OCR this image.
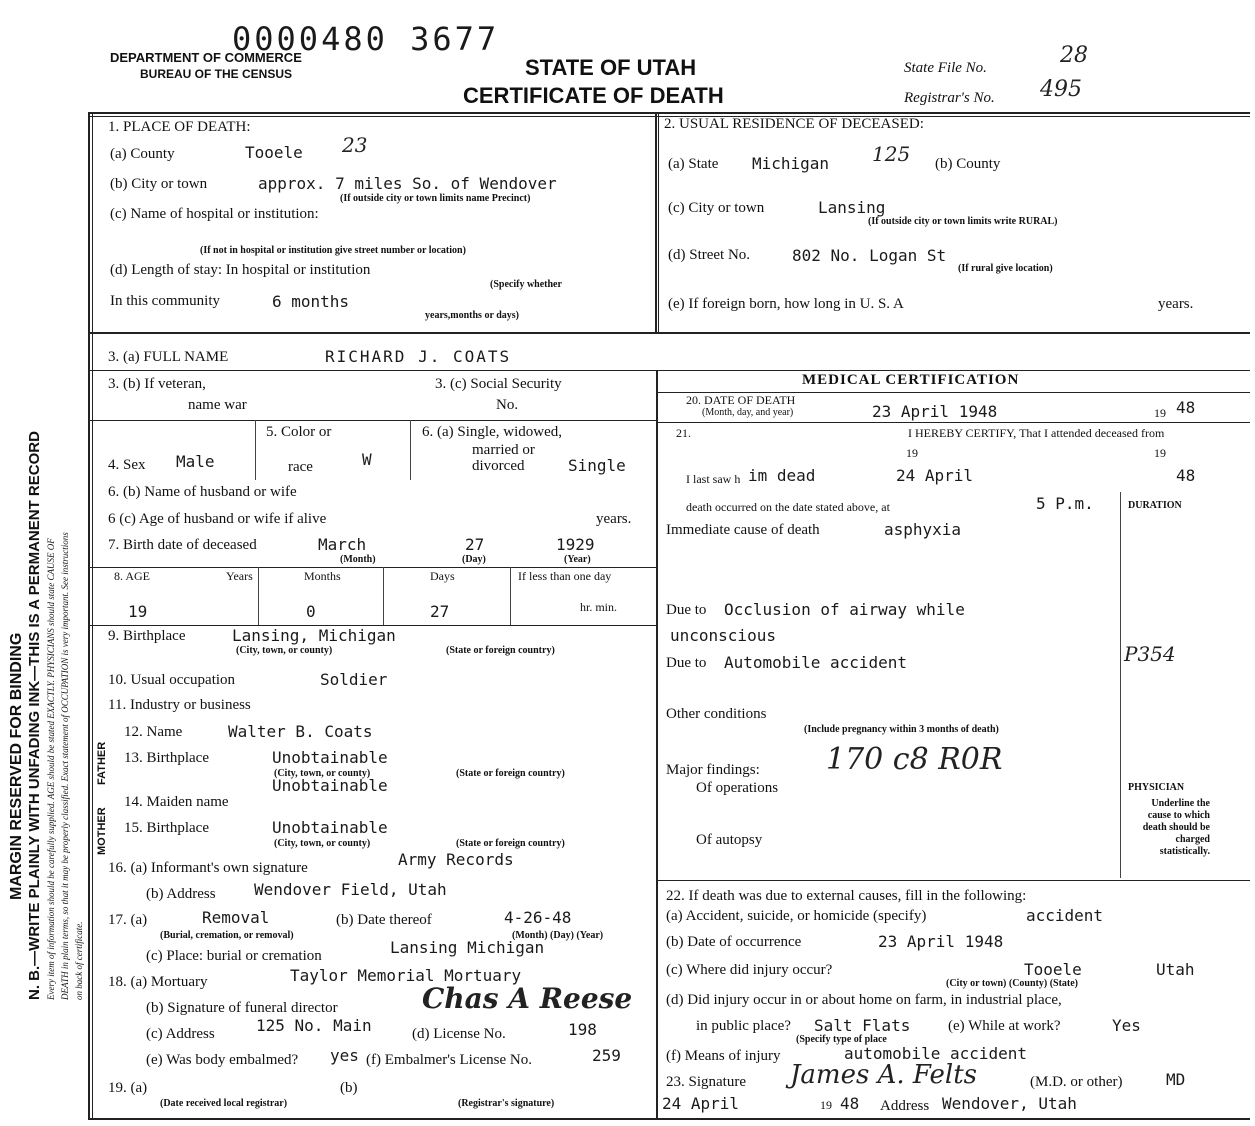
0000480 3677
DEPARTMENT OF COMMERCE
BUREAU OF THE CENSUS	STATE OF UTAH
CERTIFICATE OF DEATH
State File No.	28
Registrar's No. 495
MARGIN RESERVED FOR BINDING N. B.—WRITE PLAINLY WITH UNFADING INK—THIS IS A PERMANENT RECORD Every item of information should be carefully supplied. AGE should be stated EXACTLY. PHYSICIANS should state CAUSE OF DEATH in plain terms, so that it may be properly classified. Exact statement of OCCUPATION is very important. See instructions on back of certificate.
1. PLACE OF DEATH:
(a) County	Tooele 23
(b) City or town	approx. 7 miles So. of Wendover
(If outside city or town limits name Precinct)
(c) Name of hospital or institution:
(If not in hospital or institution give street number or location)
(d) Length of stay: In hospital or institution
(Specify whether
In this community	6 months
years,months or days)
2. USUAL RESIDENCE OF DECEASED:
(a) State Michigan 125 (b) County
(c) City or town	Lansing
(If outside city or town limits write RURAL)
(d) Street No.	802 No. Logan St
(If rural give location)
(e) If foreign born, how long in U. S. A	years.
3. (a) FULL NAME	RICHARD J. COATS
3. (b) If veteran,
name war
3. (c) Social Security
No.
4. Sex Male
5. Color or
race	W
6. (a) Single, widowed,
married or
divorced	Single
6. (b) Name of husband or wife
6 (c) Age of husband or wife if alive	years.
7. Birth date of deceased	March	27	1929
(Month)	(Day)	(Year)
8. AGE	Years	Months	Days	If less than one day
19	0	27	hr. min.
9. Birthplace	Lansing, Michigan
(City, town, or county)	(State or foreign country)
10. Usual occupation	Soldier
11. Industry or business
FATHER
MOTHER
12. Name	Walter B. Coats
13. Birthplace	Unobtainable
(City, town, or county)	(State or foreign country)
14. Maiden name
Unobtainable
15. Birthplace	Unobtainable
(City, town, or county)	(State or foreign country)
16. (a) Informant's own signature	Army Records
(b) Address Wendover Field, Utah
17. (a)	Removal
(Burial, cremation, or removal)
(b) Date thereof	4-26-48
(Month) (Day) (Year)
(c) Place: burial or cremation	Lansing Michigan
18. (a) Mortuary	Taylor Memorial Mortuary
(b) Signature of funeral director	Chas A Reese
(c) Address	125 No. Main	(d) License No.	198
(e) Was body embalmed? yes (f) Embalmer's License No.	259
19. (a)	(b)
(Date received local registrar)	(Registrar's signature)
MEDICAL CERTIFICATION
20. DATE OF DEATH
(Month, day, and year)	23 April 1948	19 48
21.	I HEREBY CERTIFY, That I attended deceased from
19	19
I last saw h im dead	24 April	48
death occurred on the date stated above, at	5 P.m.	DURATION
Immediate cause of death	asphyxia
Due to Occlusion of airway while
unconscious
Due to Automobile accident	P354
Other conditions
(Include pregnancy within 3 months of death)
170 c8 R0R
Major findings:
Of operations
Of autopsy
PHYSICIAN
Underline the cause to which death should be charged statistically.
22. If death was due to external causes, fill in the following:
(a) Accident, suicide, or homicide (specify)	accident
(b) Date of occurrence	23 April 1948
(c) Where did injury occur?	Tooele	Utah
(City or town) (County) (State)
(d) Did injury occur in or about home on farm, in industrial place,
in public place? Salt Flats
(Specify type of place
(e) While at work?	Yes
(f) Means of injury	automobile accident
23. Signature James A. Felts	(M.D. or other)	MD
24 April	19 48 Address Wendover, Utah
